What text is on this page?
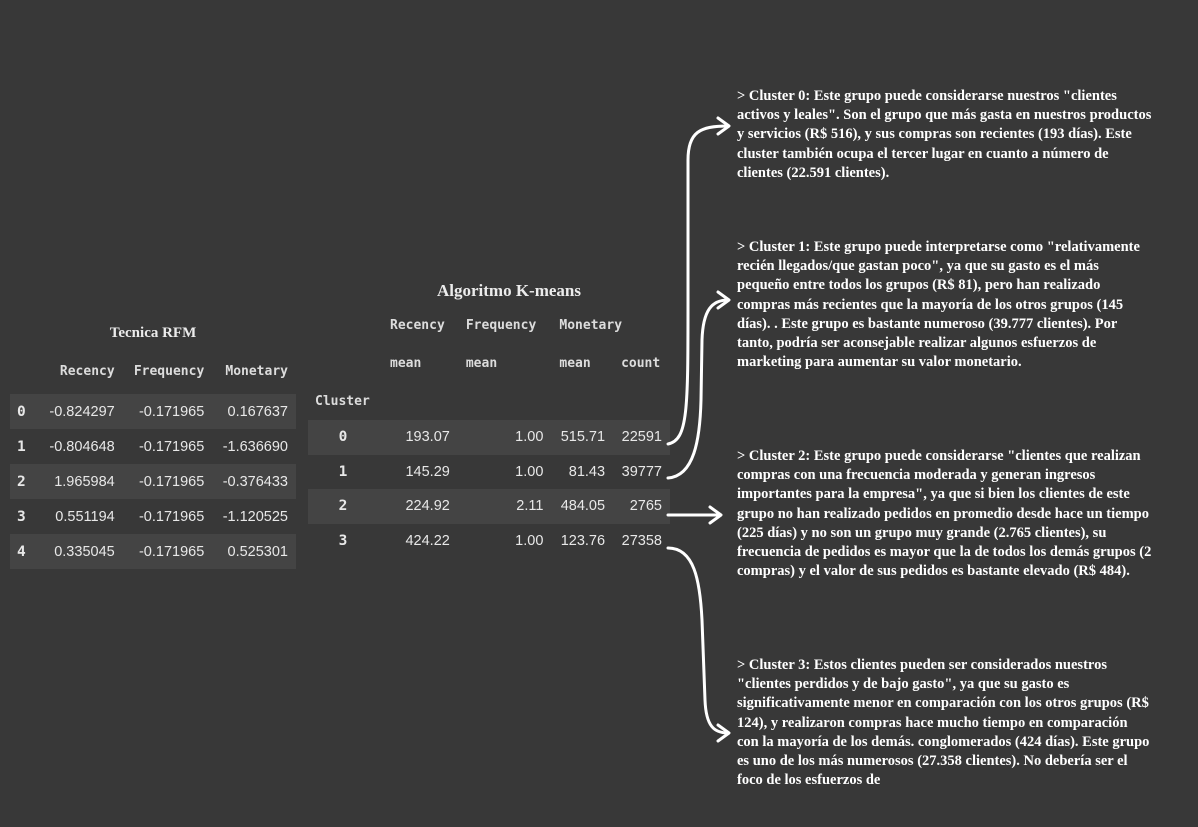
Tecnica RFM
	Recency	Frequency	Monetary
0	-0.824297	-0.171965	0.167637
1	-0.804648	-0.171965	-1.636690
2	1.965984	-0.171965	-0.376433
3	0.551194	-0.171965	-1.120525
4	0.335045	-0.171965	0.525301
Algoritmo K-means
	Recency	Frequency	Monetary	
	mean	mean	mean	count
Cluster				
0	193.07	1.00	515.71	22591
1	145.29	1.00	81.43	39777
2	224.92	2.11	484.05	2765
3	424.22	1.00	123.76	27358
> Cluster 0: Este grupo puede considerarse nuestros "clientes activos y leales". Son el grupo que más gasta en nuestros productos y servicios (R$ 516), y sus compras son recientes (193 días). Este cluster también ocupa el tercer lugar en cuanto a número de clientes (22.591 clientes).
> Cluster 1: Este grupo puede interpretarse como "relativamente recién llegados/que gastan poco", ya que su gasto es el más pequeño entre todos los grupos (R$ 81), pero han realizado compras más recientes que la mayoría de los otros grupos (145 días). . Este grupo es bastante numeroso (39.777 clientes). Por tanto, podría ser aconsejable realizar algunos esfuerzos de marketing para aumentar su valor monetario.
> Cluster 2: Este grupo puede considerarse "clientes que realizan compras con una frecuencia moderada y generan ingresos importantes para la empresa", ya que si bien los clientes de este grupo no han realizado pedidos en promedio desde hace un tiempo (225 días) y no son un grupo muy grande (2.765 clientes), su frecuencia de pedidos es mayor que la de todos los demás grupos (2 compras) y el valor de sus pedidos es bastante elevado (R$ 484).
> Cluster 3: Estos clientes pueden ser considerados nuestros "clientes perdidos y de bajo gasto", ya que su gasto es significativamente menor en comparación con los otros grupos (R$ 124), y realizaron compras hace mucho tiempo en comparación con la mayoría de los demás. conglomerados (424 días). Este grupo es uno de los más numerosos (27.358 clientes). No debería ser el foco de los esfuerzos de
